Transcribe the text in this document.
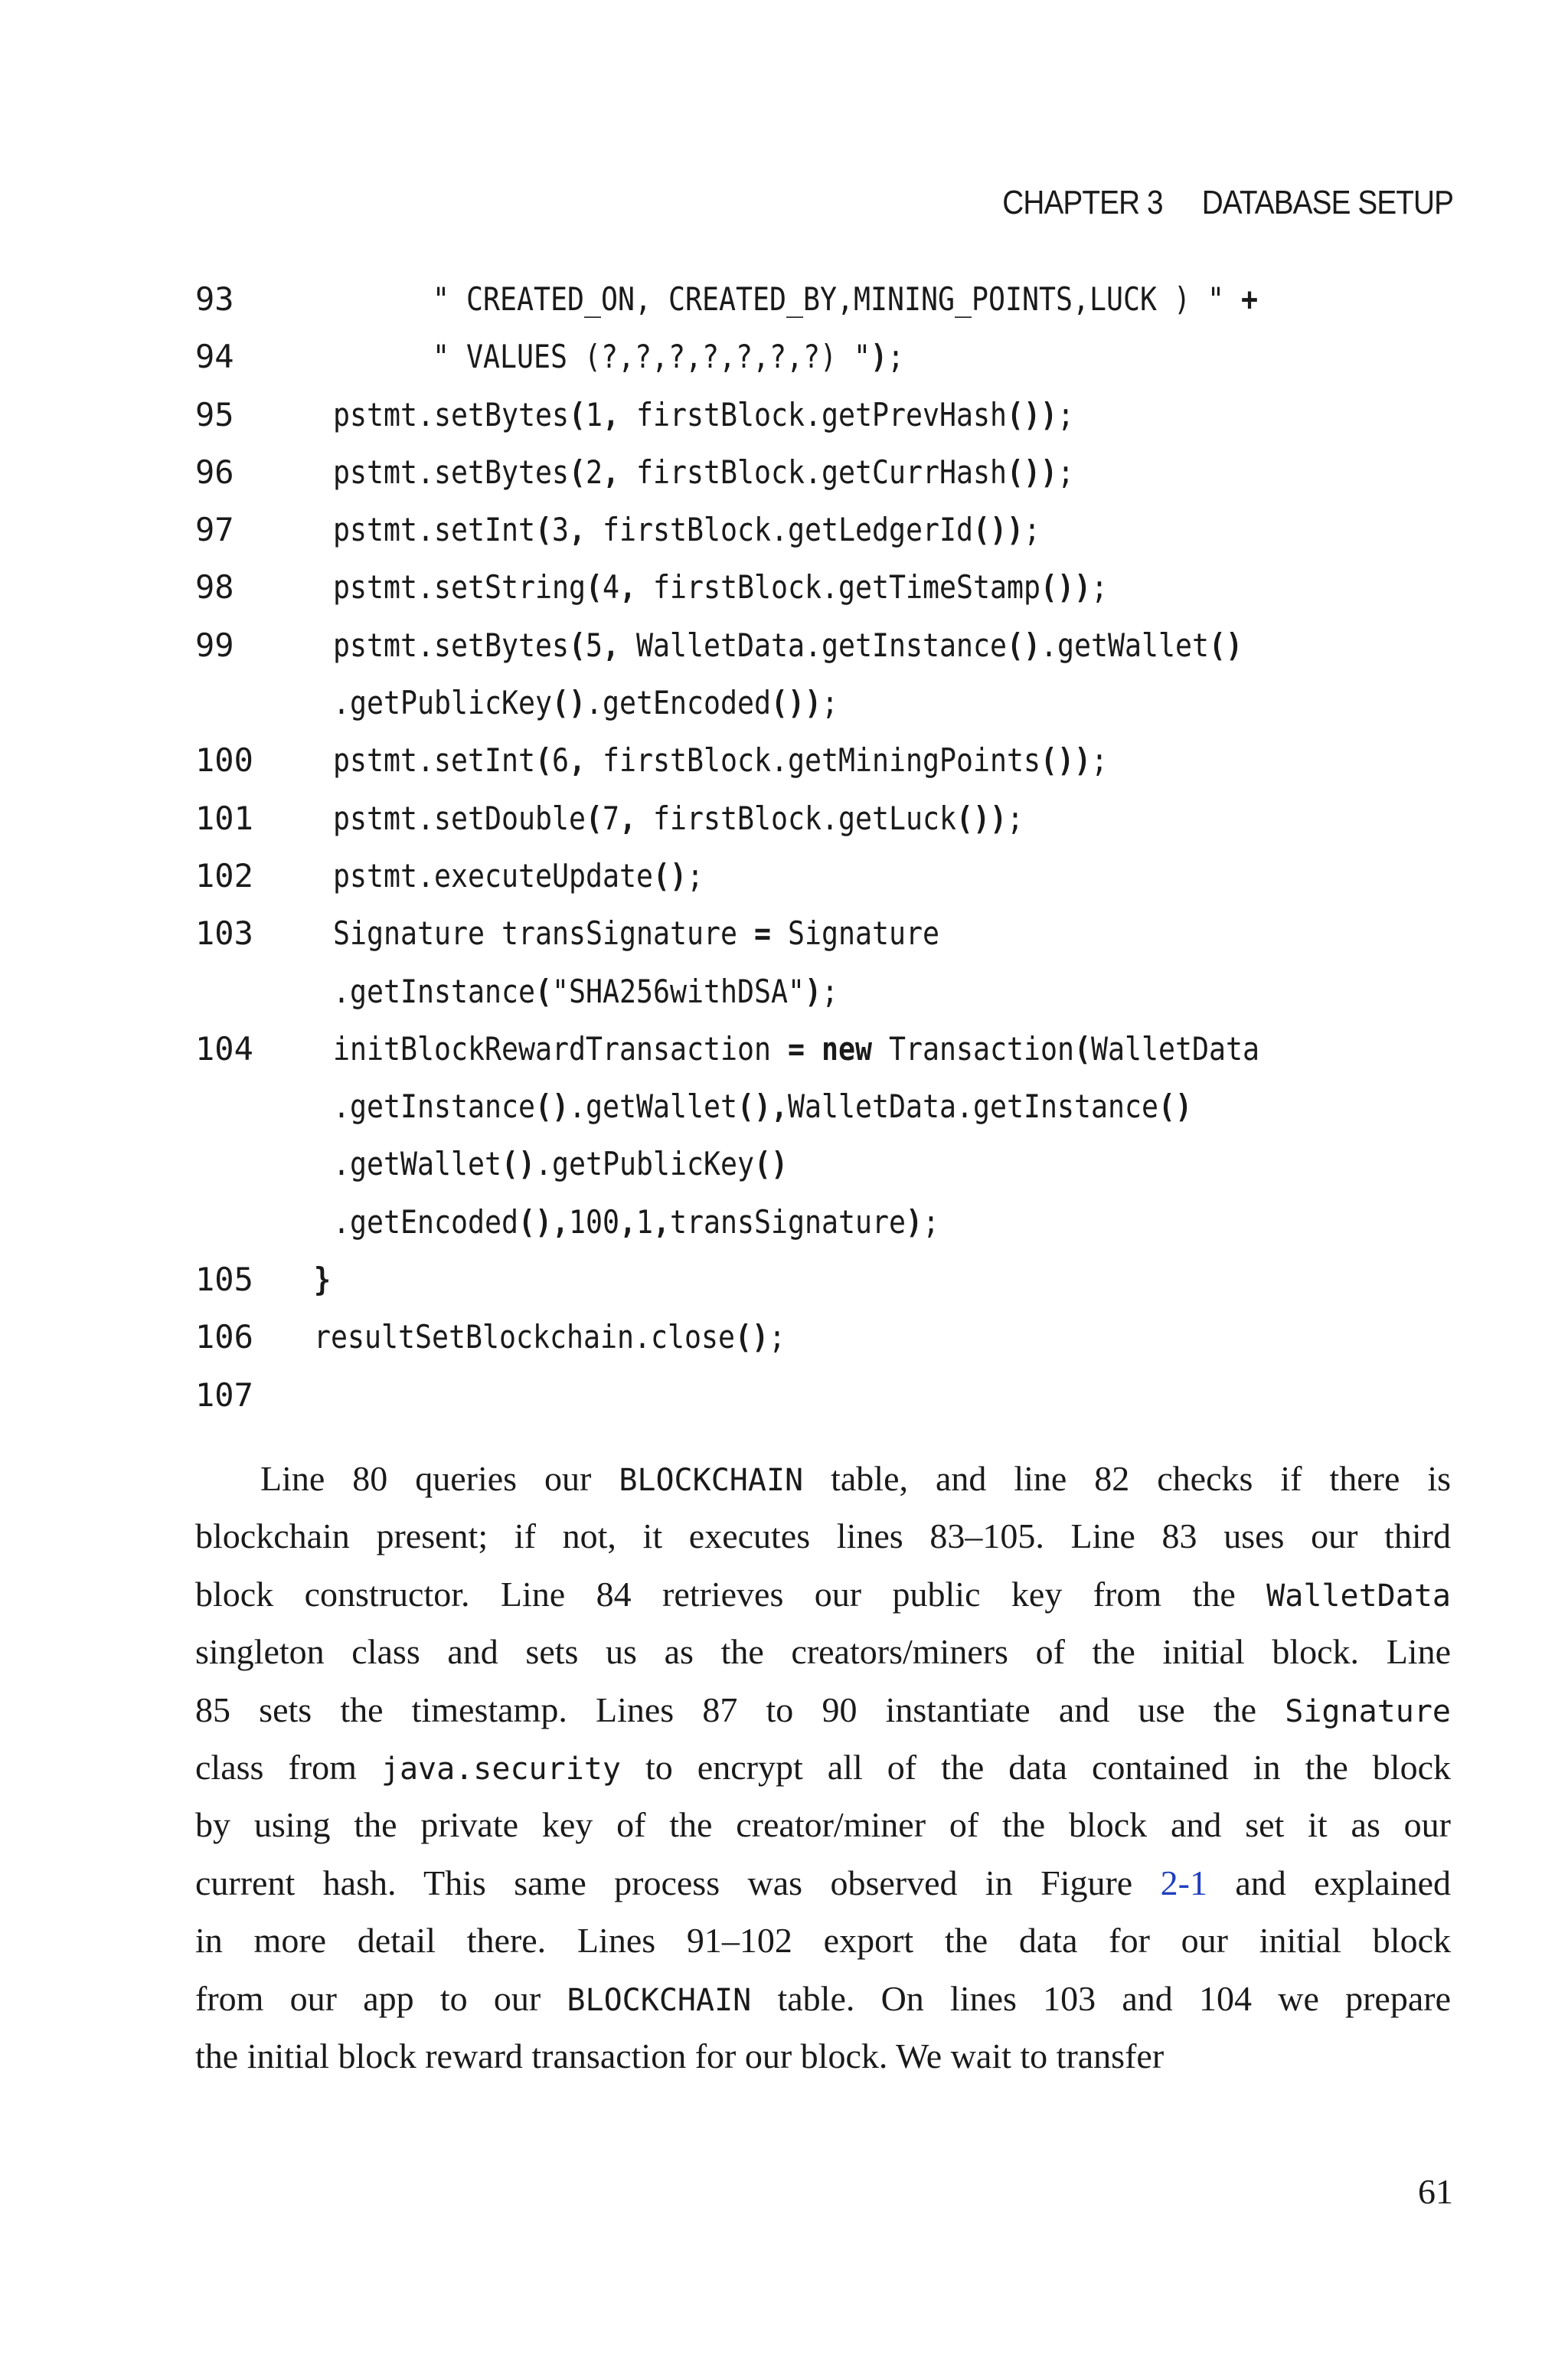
CHAPTER 3 DATABASE SETUP
93	" CREATED_ON, CREATED_BY,MINING_POINTS,LUCK ) " +
94	" VALUES (?,?,?,?,?,?,?) ");
95	pstmt.setBytes(1, firstBlock.getPrevHash());
96	pstmt.setBytes(2, firstBlock.getCurrHash());
97	pstmt.setInt(3, firstBlock.getLedgerId());
98	pstmt.setString(4, firstBlock.getTimeStamp());
99	pstmt.setBytes(5, WalletData.getInstance().getWallet()
.getPublicKey().getEncoded());
100	pstmt.setInt(6, firstBlock.getMiningPoints());
101	pstmt.setDouble(7, firstBlock.getLuck());
102	pstmt.executeUpdate();
103	Signature transSignature = Signature
.getInstance("SHA256withDSA");
104	initBlockRewardTransaction = new Transaction(WalletData
.getInstance().getWallet(),WalletData.getInstance()
.getWallet().getPublicKey()
.getEncoded(),100,1,transSignature);
105	}
106	resultSetBlockchain.close();
107
Line 80 queries our BLOCKCHAIN table, and line 82 checks if there is
blockchain present; if not, it executes lines 83–105. Line 83 uses our third
block constructor. Line 84 retrieves our public key from the WalletData
singleton class and sets us as the creators/miners of the initial block. Line
85 sets the timestamp. Lines 87 to 90 instantiate and use the Signature
class from java.security to encrypt all of the data contained in the block
by using the private key of the creator/miner of the block and set it as our
current hash. This same process was observed in Figure 2-1 and explained
in more detail there. Lines 91–102 export the data for our initial block
from our app to our BLOCKCHAIN table. On lines 103 and 104 we prepare
the initial block reward transaction for our block. We wait to transfer
61
